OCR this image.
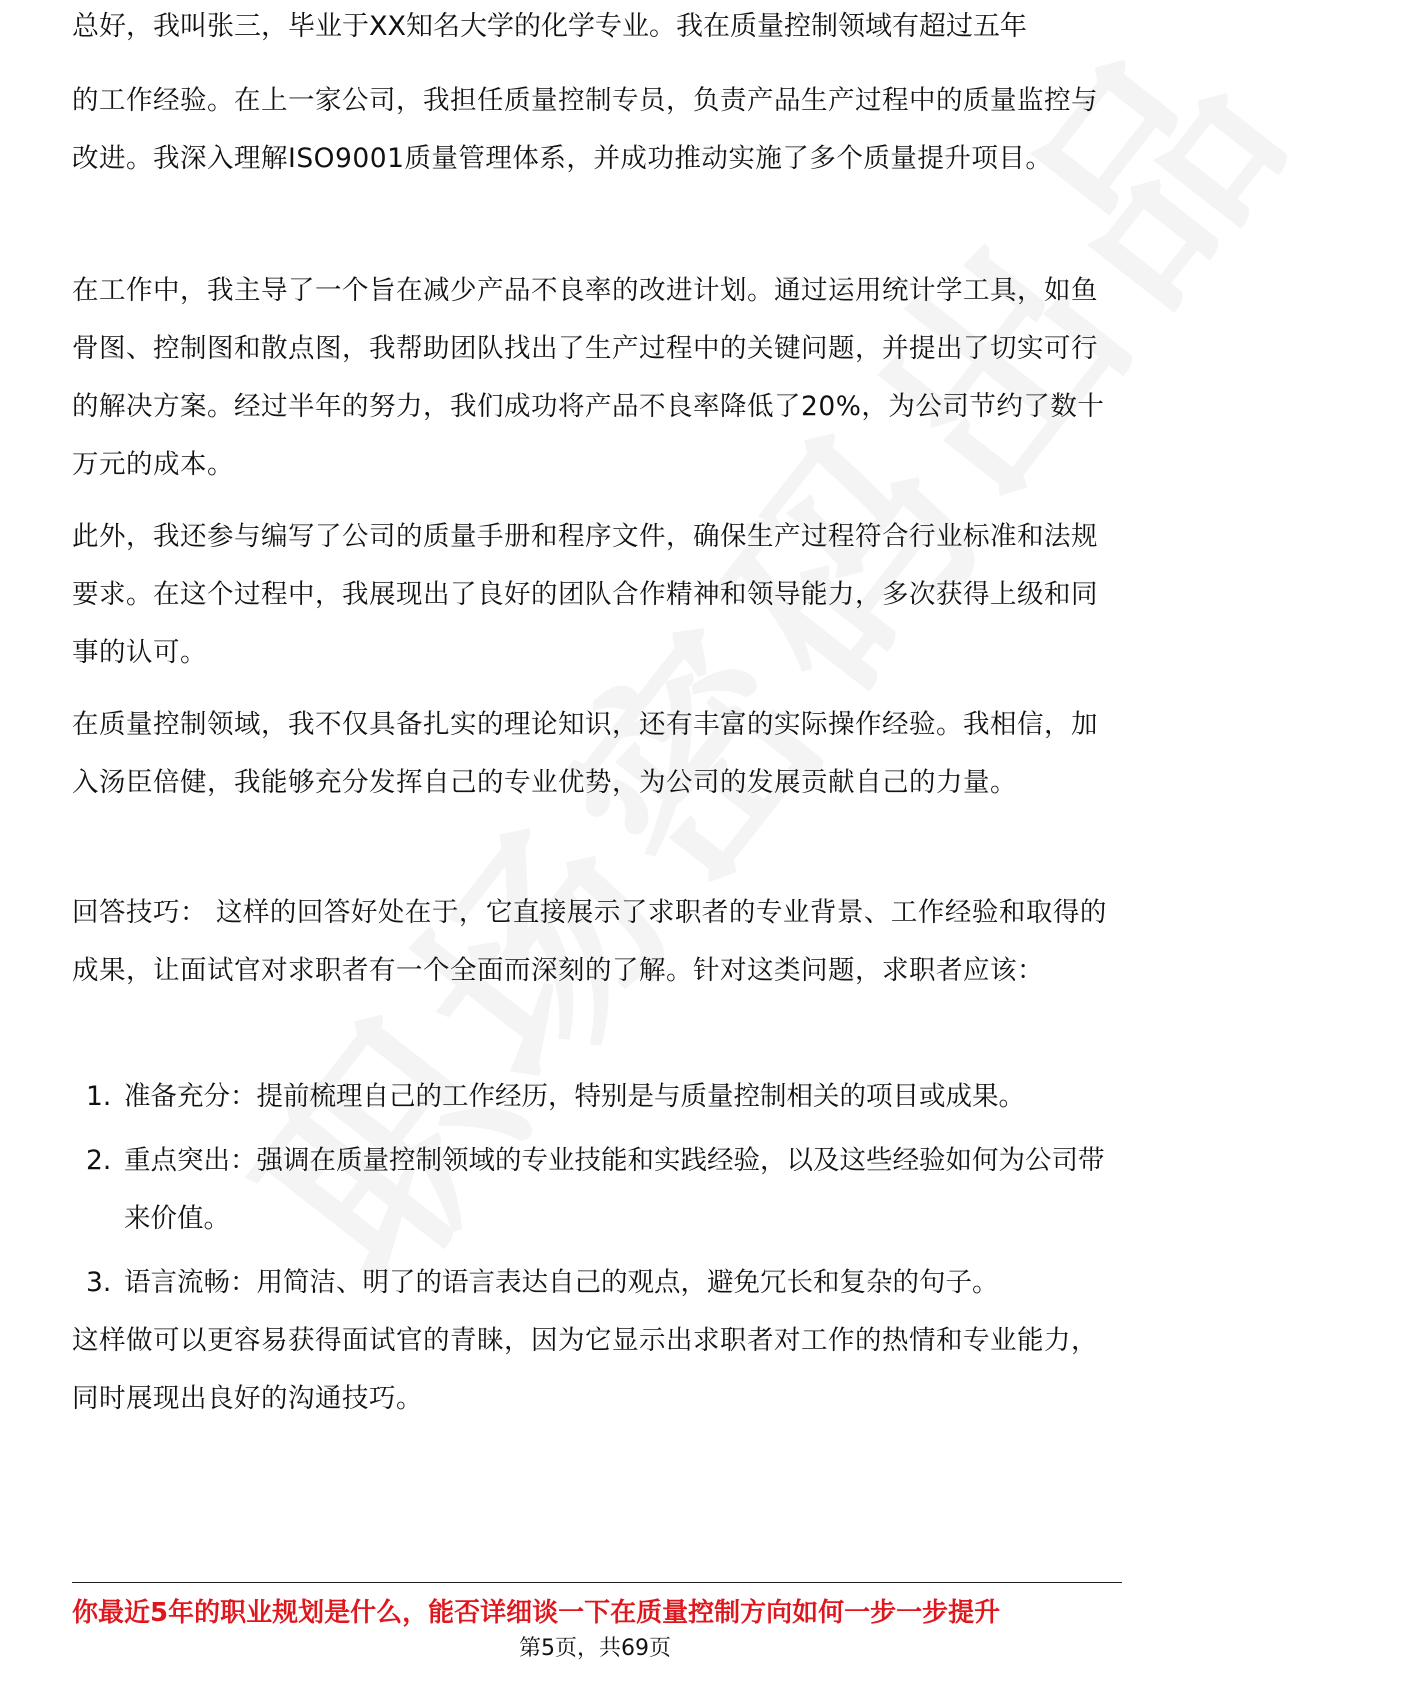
总好，我叫张三，毕业于XX知名大学的化学专业。我在质量控制领域有超过五年

的工作经验。在上一家公司，我担任质量控制专员，负责产品生产过程中的质量监控与改进。我深入理解ISO9001质量管理体系，并成功推动实施了多个质量提升项目。

在工作中，我主导了一个旨在减少产品不良率的改进计划。通过运用统计学工具，如鱼骨图、控制图和散点图，我帮助团队找出了生产过程中的关键问题，并提出了切实可行的解决方案。经过半年的努力，我们成功将产品不良率降低了20%，为公司节约了数十万元的成本。

此外，我还参与编写了公司的质量手册和程序文件，确保生产过程符合行业标准和法规要求。在这个过程中，我展现出了良好的团队合作精神和领导能力，多次获得上级和同事的认可。

在质量控制领域，我不仅具备扎实的理论知识，还有丰富的实际操作经验。我相信，加入汤臣倍健，我能够充分发挥自己的专业优势，为公司的发展贡献自己的力量。

回答技巧： 这样的回答好处在于，它直接展示了求职者的专业背景、工作经验和取得的成果，让面试官对求职者有一个全面而深刻的了解。针对这类问题，求职者应该：

1. 准备充分：提前梳理自己的工作经历，特别是与质量控制相关的项目或成果。
2. 重点突出：强调在质量控制领域的专业技能和实践经验，以及这些经验如何为公司带来价值。
3. 语言流畅：用简洁、明了的语言表达自己的观点，避免冗长和复杂的句子。

这样做可以更容易获得面试官的青睐，因为它显示出求职者对工作的热情和专业能力，同时展现出良好的沟通技巧。

你最近5年的职业规划是什么，能否详细谈一下在质量控制方向如何一步一步提升
第5页，共69页
